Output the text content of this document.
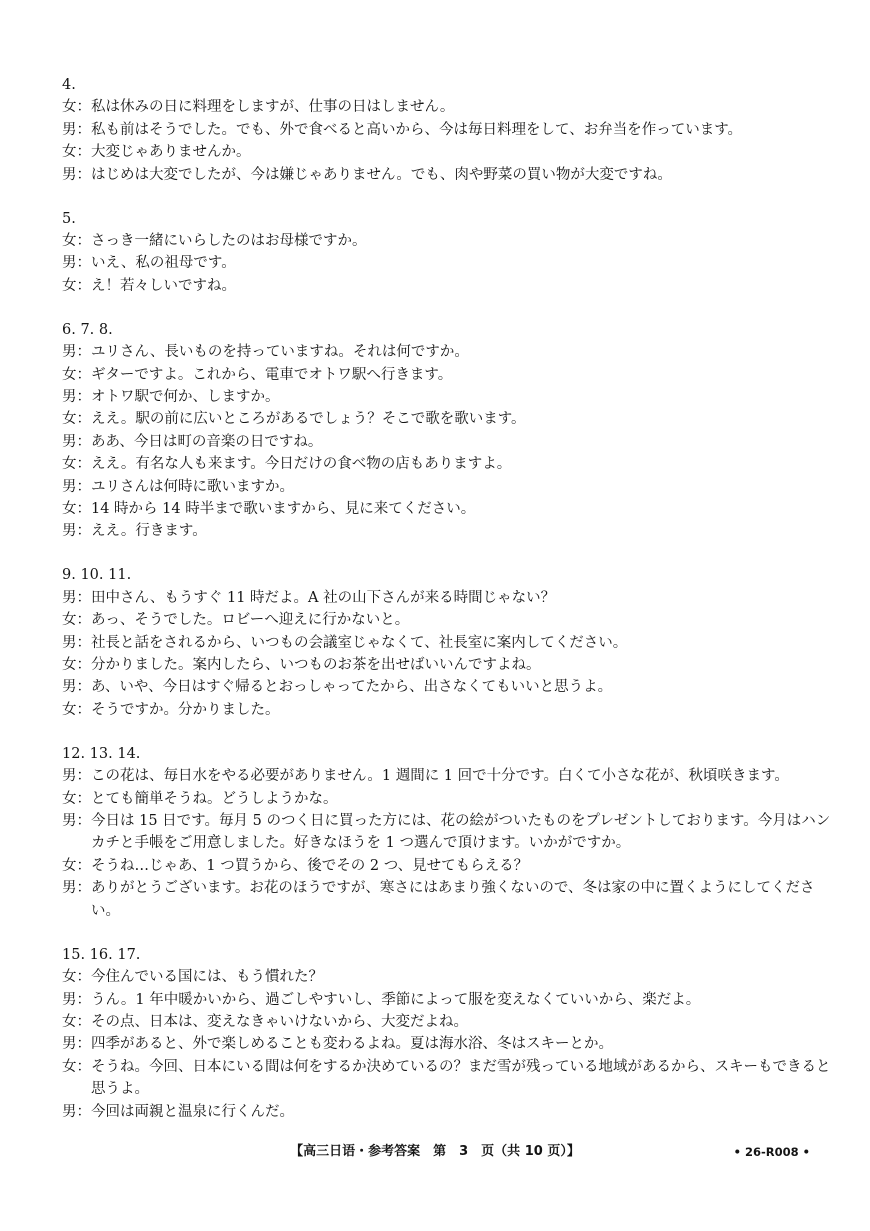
4.
女： 私は休みの日に料理をしますが、仕事の日はしません。
男： 私も前はそうでした。でも、外で食べると高いから、今は毎日料理をして、お弁当を作っています。
女： 大変じゃありませんか。
男： はじめは大変でしたが、今は嫌じゃありません。でも、肉や野菜の買い物が大変ですね。
5.
女： さっき一緒にいらしたのはお母様ですか。
男： いえ、私の祖母です。
女： え！若々しいですね。
6. 7. 8.
男： ユリさん、長いものを持っていますね。それは何ですか。
女： ギターですよ。これから、電車でオトワ駅へ行きます。
男： オトワ駅で何か、しますか。
女： ええ。駅の前に広いところがあるでしょう？そこで歌を歌います。
男： ああ、今日は町の音楽の日ですね。
女： ええ。有名な人も来ます。今日だけの食べ物の店もありますよ。
男： ユリさんは何時に歌いますか。
女： 14 時から 14 時半まで歌いますから、見に来てください。
男： ええ。行きます。
9. 10. 11.
男： 田中さん、もうすぐ 11 時だよ。A 社の山下さんが来る時間じゃない？
女： あっ、そうでした。ロビーへ迎えに行かないと。
男： 社長と話をされるから、いつもの会議室じゃなくて、社長室に案内してください。
女： 分かりました。案内したら、いつものお茶を出せばいいんですよね。
男： あ、いや、今日はすぐ帰るとおっしゃってたから、出さなくてもいいと思うよ。
女： そうですか。分かりました。
12. 13. 14.
男： この花は、毎日水をやる必要がありません。1 週間に 1 回で十分です。白くて小さな花が、秋頃咲きます。
女： とても簡単そうね。どうしようかな。
男： 今日は 15 日です。毎月 5 のつく日に買った方には、花の絵がついたものをプレゼントしております。今月はハンカチと手帳をご用意しました。好きなほうを 1 つ選んで頂けます。いかがですか。
女： そうね…じゃあ、1 つ買うから、後でその 2 つ、見せてもらえる？
男： ありがとうございます。お花のほうですが、寒さにはあまり強くないので、冬は家の中に置くようにしてください。
15. 16. 17.
女： 今住んでいる国には、もう慣れた？
男： うん。1 年中暖かいから、過ごしやすいし、季節によって服を変えなくていいから、楽だよ。
女： その点、日本は、変えなきゃいけないから、大変だよね。
男： 四季があると、外で楽しめることも変わるよね。夏は海水浴、冬はスキーとか。
女： そうね。今回、日本にいる間は何をするか決めているの？まだ雪が残っている地域があるから、スキーもできると思うよ。
男： 今回は両親と温泉に行くんだ。
【高三日语・参考答案　第　3　页（共 10 页）】	• 26-R008 •
